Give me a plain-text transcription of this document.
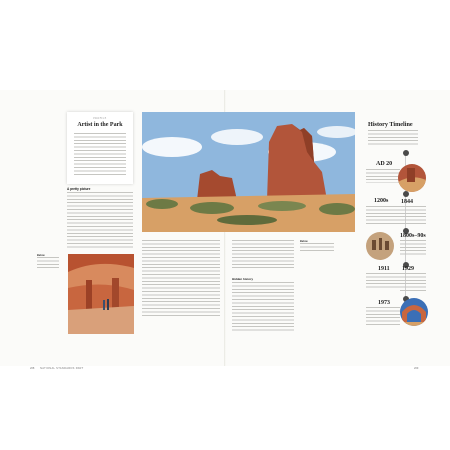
PROFILE
Artist in the Park
A pretty picture
Below
208 NATIONAL STANDARDS PART
Hidden history
Below
History Timeline
AD 20
1844
1200s
1800s–90s
1911 1929
1973
209
